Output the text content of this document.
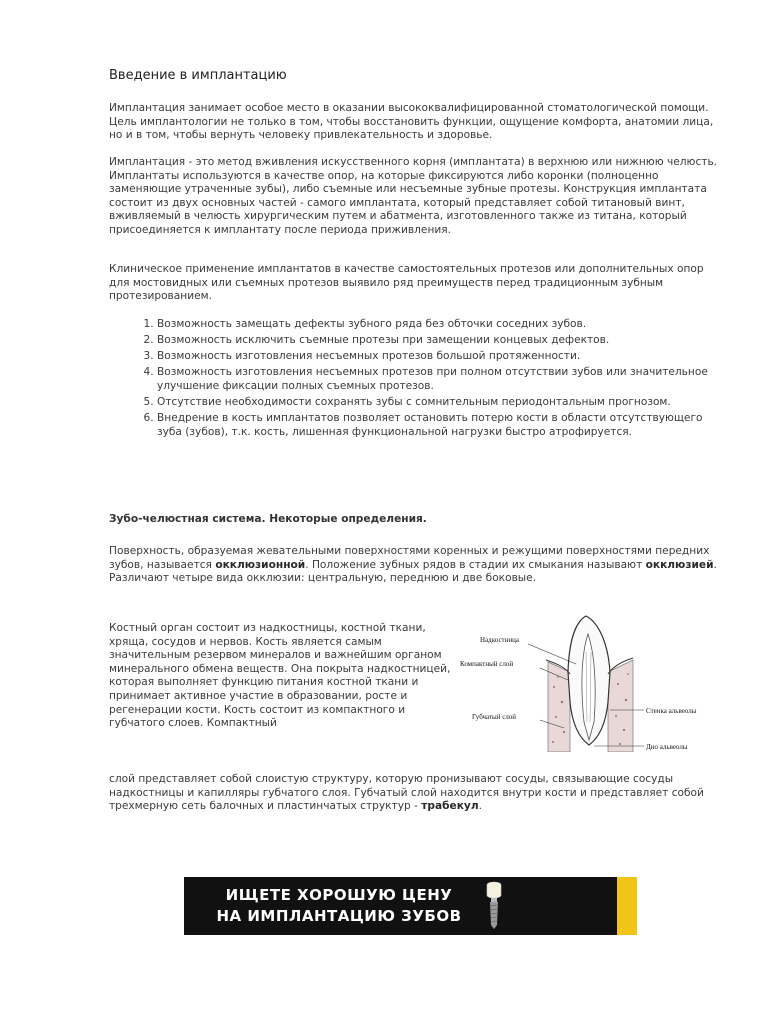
Введение в имплантацию

Имплантация занимает особое место в оказании высококвалифицированной стоматологической помощи. Цель имплантологии не только в том, чтобы восстановить функции, ощущение комфорта, анатомии лица, но и в том, чтобы вернуть человеку привлекательность и здоровье.

Имплантация - это метод вживления искусственного корня (имплантата) в верхнюю или нижнюю челюсть. Имплантаты используются в качестве опор, на которые фиксируются либо коронки (полноценно заменяющие утраченные зубы), либо съемные или несъемные зубные протезы. Конструкция имплантата состоит из двух основных частей - самого имплантата, который представляет собой титановый винт, вживляемый в челюсть хирургическим путем и абатмента, изготовленного также из титана, который присоединяется к имплантату после периода приживления.

Клиническое применение имплантатов в качестве самостоятельных протезов или дополнительных опор для мостовидных или съемных протезов выявило ряд преимуществ перед традиционным зубным протезированием.

1. Возможность замещать дефекты зубного ряда без обточки соседних зубов.
2. Возможность исключить съемные протезы при замещении концевых дефектов.
3. Возможность изготовления несъемных протезов большой протяженности.
4. Возможность изготовления несъемных протезов при полном отсутствии зубов или значительное улучшение фиксации полных съемных протезов.
5. Отсутствие необходимости сохранять зубы с сомнительным периодонтальным прогнозом.
6. Внедрение в кость имплантатов позволяет остановить потерю кости в области отсутствующего зуба (зубов), т.к. кость, лишенная функциональной нагрузки быстро атрофируется.
Зубо-челюстная система. Некоторые определения.

Поверхность, образуемая жевательными поверхностями коренных и режущими поверхностями передних зубов, называется окклюзионной. Положение зубных рядов в стадии их смыкания называют окклюзией. Различают четыре вида окклюзии: центральную, переднюю и две боковые.

Костный орган состоит из надкостницы, костной ткани, хряща, сосудов и нервов. Кость является самым значительным резервом минералов и важнейшим органом минерального обмена веществ. Она покрыта надкостницей, которая выполняет функцию питания костной ткани и принимает активное участие в образовании, росте и регенерации кости. Кость состоит из компактного и губчатого слоев. Компактный

слой представляет собой слоистую структуру, которую пронизывают сосуды, связывающие сосуды надкостницы и капилляры губчатого слоя. Губчатый слой находится внутри кости и представляет собой трехмерную сеть балочных и пластинчатых структур - трабекул.

Надкостница
Компактный слой
Губчатый слой
Стенка альвеолы
Дно альвеолы
ИЩЕТЕ ХОРОШУЮ ЦЕНУ
НА ИМПЛАНТАЦИЮ ЗУБОВ
